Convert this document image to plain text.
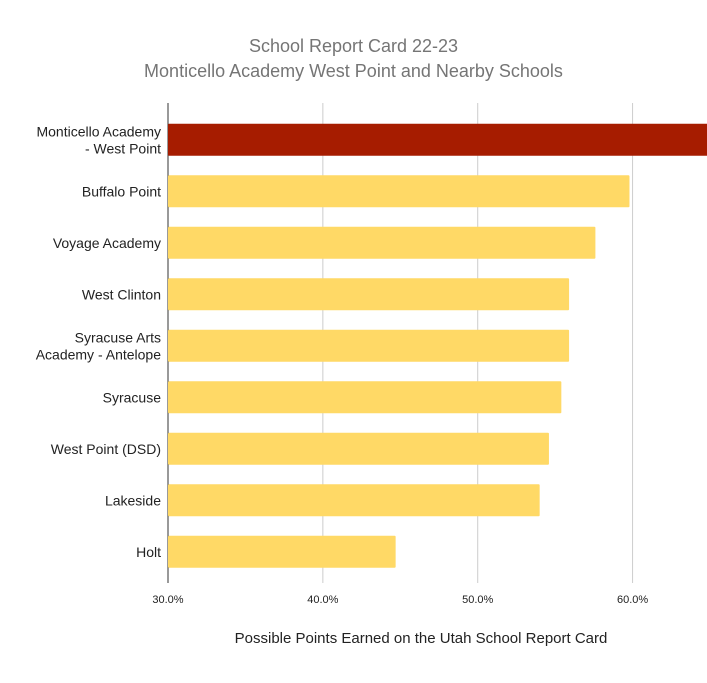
School Report Card 22-23
Monticello Academy West Point and Nearby Schools
30.0%	40.0%	50.0%	60.0%
Monticello Academy - West Point
Buffalo Point
Voyage Academy
West Clinton
Syracuse Arts Academy - Antelope
Syracuse
West Point (DSD)
Lakeside
Holt
Possible Points Earned on the Utah School Report Card
